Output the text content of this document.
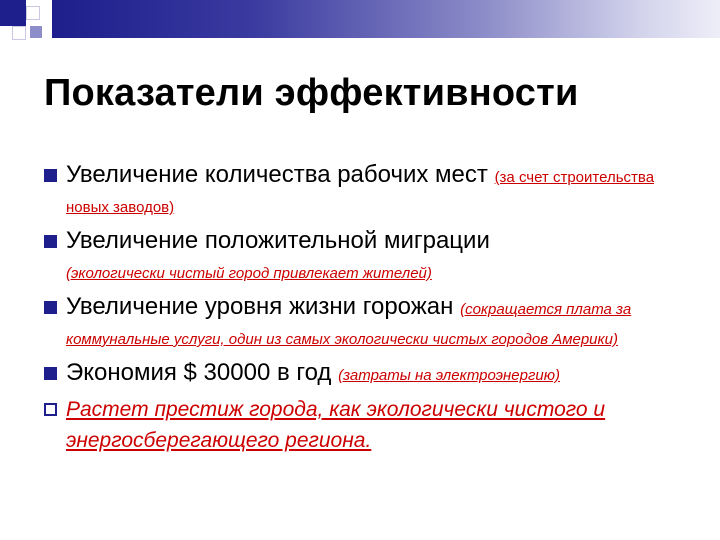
Показатели эффективности
Увеличение количества рабочих мест (за счет строительства новых заводов)
Увеличение положительной миграции
(экологически чистый город привлекает жителей)
Увеличение уровня жизни горожан (сокращается плата за коммунальные услуги, один из самых экологически чистых городов Америки)
Экономия $ 30000 в год (затраты на электроэнергию)
Растет престиж города, как экологически чистого и энергосберегающего региона.
